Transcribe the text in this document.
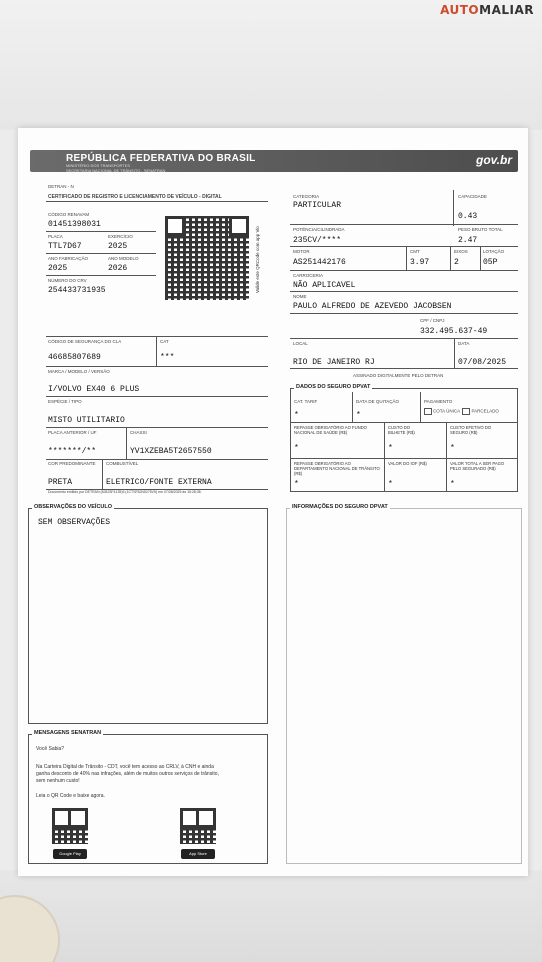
AUTOMALIAR
REPÚBLICA FEDERATIVA DO BRASIL
MINISTÉRIO DOS TRANSPORTES
SECRETARIA NACIONAL DE TRÂNSITO - SENATRAN
gov.br
DETRAN - N
CERTIFICADO DE REGISTRO E LICENCIAMENTO DE VEÍCULO - DIGITAL
CÓDIGO RENAVAM
01451398031
PLACA
TTL7D67
EXERCÍCIO
2025
ANO FABRICAÇÃO
2025
ANO MODELO
2026
NÚMERO DO CRV
254433731935	Valide este QRCode com app Vio
CÓDIGO DE SEGURANÇA DO CLA
46685807689
CAT
***
MARCA / MODELO / VERSÃO
I/VOLVO EX40 6 PLUS
ESPÉCIE / TIPO
MISTO UTILITARIO
PLACA ANTERIOR / UF
*******/**
CHASSI
YV1XZEBA5T2657550
COR PREDOMINANTE
PRETA
COMBUSTÍVEL
ELETRICO/FONTE EXTERNA
Documento emitido por DETRAN (8J8JSF4135)9 (1CTSF8JN5275V5) em 07/08/2025 às 15:28:36.
CATEGORIA
PARTICULAR
CAPACIDADE
0.43
POTÊNCIA/CILINDRADA
235CV/****
PESO BRUTO TOTAL
2.47
MOTOR
AS251442176
CMT
3.97
EIXOS
2
LOTAÇÃO
05P
CARROCERIA
NÃO APLICAVEL
NOME
PAULO ALFREDO DE AZEVEDO JACOBSEN
CPF / CNPJ
332.495.637-49
LOCAL
RIO DE JANEIRO RJ
DATA
07/08/2025
ASSINADO DIGITALMENTE PELO DETRAN
DADOS DO SEGURO DPVAT
CAT. TARIF
*
DATA DE QUITAÇÃO
*
PAGAMENTO
COTA ÚNICA	PARCELADO
REPASSE OBRIGATÓRIO AO FUNDO NACIONAL DE SAÚDE (R$)
*
CUSTO DO BILHETE (R$)
*
CUSTO EFETIVO DO SEGURO (R$)
*
REPASSE OBRIGATÓRIO AO DEPARTAMENTO NACIONAL DE TRÂNSITO (R$)
*
VALOR DO IOF (R$)
*
VALOR TOTAL A SER PAGO PELO SEGURADO (R$)
*
OBSERVAÇÕES DO VEÍCULO
SEM OBSERVAÇÕES
INFORMAÇÕES DO SEGURO DPVAT
MENSAGENS SENATRAN
Você Sabia?
Na Carteira Digital de Trânsito - CDT, você tem acesso ao CRLV, à CNH e ainda ganha desconto de 40% nas infrações, além de muitos outros serviços de trânsito, sem nenhum custo!
Leia o QR Code e baixe agora.
Google Play	App Store
